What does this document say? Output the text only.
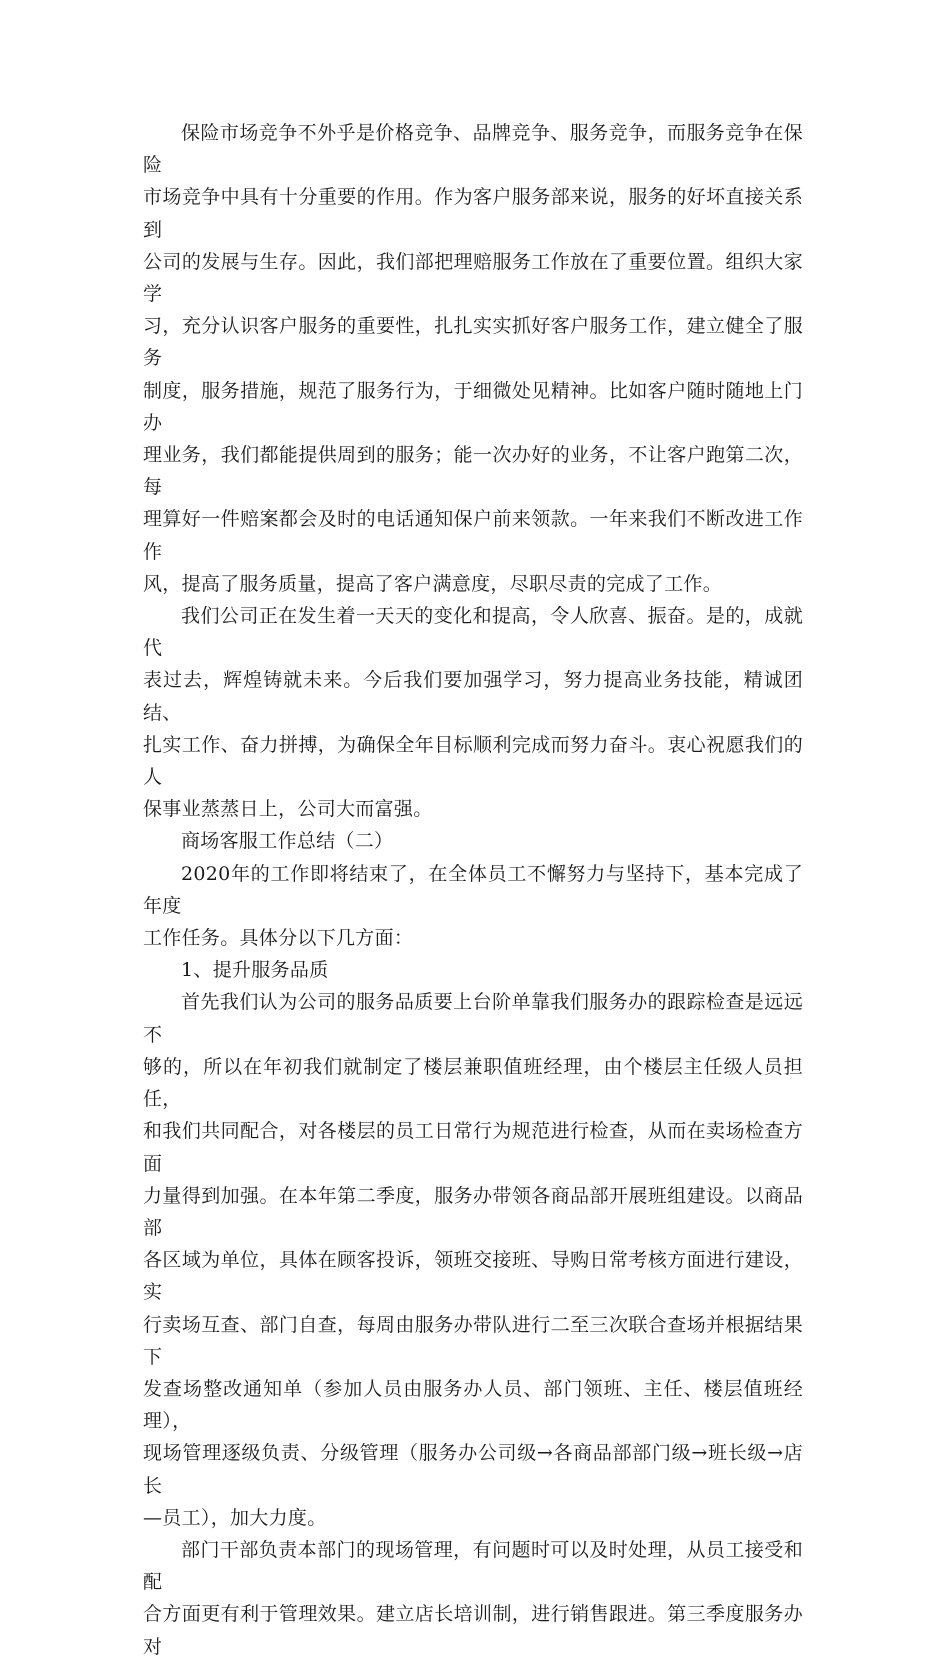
保险市场竞争不外乎是价格竞争、品牌竞争、服务竞争，而服务竞争在保险
市场竞争中具有十分重要的作用。作为客户服务部来说，服务的好坏直接关系到
公司的发展与生存。因此，我们部把理赔服务工作放在了重要位置。组织大家学
习，充分认识客户服务的重要性，扎扎实实抓好客户服务工作，建立健全了服务
制度，服务措施，规范了服务行为，于细微处见精神。比如客户随时随地上门办
理业务，我们都能提供周到的服务；能一次办好的业务，不让客户跑第二次，每
理算好一件赔案都会及时的电话通知保户前来领款。一年来我们不断改进工作作
风，提高了服务质量，提高了客户满意度，尽职尽责的完成了工作。

我们公司正在发生着一天天的变化和提高，令人欣喜、振奋。是的，成就代
表过去，辉煌铸就未来。今后我们要加强学习，努力提高业务技能，精诚团结、
扎实工作、奋力拼搏，为确保全年目标顺利完成而努力奋斗。衷心祝愿我们的人
保事业蒸蒸日上，公司大而富强。

商场客服工作总结（二）

2020年的工作即将结束了，在全体员工不懈努力与坚持下，基本完成了年度
工作任务。具体分以下几方面：

1、提升服务品质

首先我们认为公司的服务品质要上台阶单靠我们服务办的跟踪检查是远远不
够的，所以在年初我们就制定了楼层兼职值班经理，由个楼层主任级人员担任，
和我们共同配合，对各楼层的员工日常行为规范进行检查，从而在卖场检查方面
力量得到加强。在本年第二季度，服务办带领各商品部开展班组建设。以商品部
各区域为单位，具体在顾客投诉，领班交接班、导购日常考核方面进行建设，实
行卖场互查、部门自查，每周由服务办带队进行二至三次联合查场并根据结果下
发查场整改通知单（参加人员由服务办人员、部门领班、主任、楼层值班经理），
现场管理逐级负责、分级管理（服务办公司级→各商品部部门级→班长级→店长
—员工），加大力度。

部门干部负责本部门的现场管理，有问题时可以及时处理，从员工接受和配
合方面更有利于管理效果。建立店长培训制，进行销售跟进。第三季度服务办对
